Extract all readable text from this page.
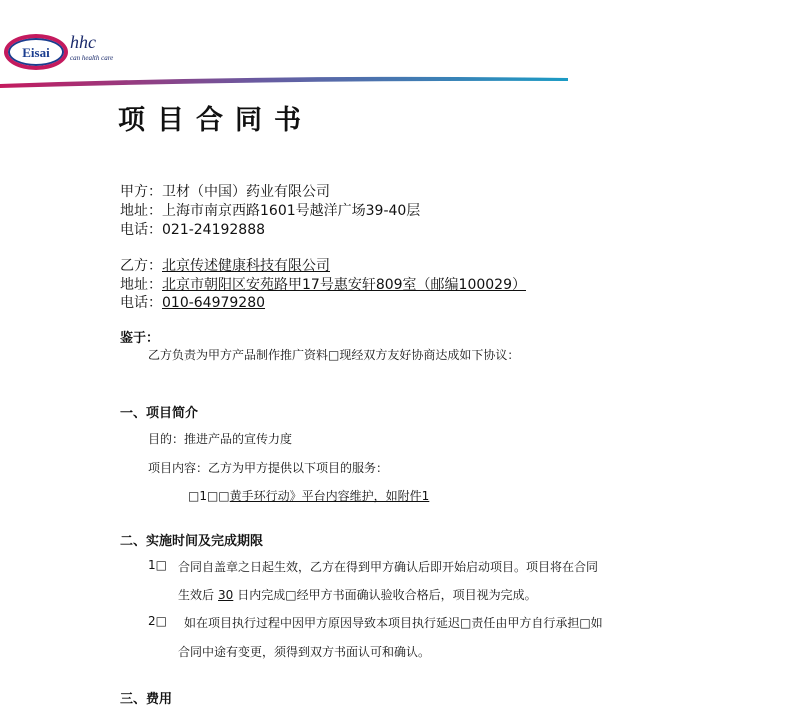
Eisai
hhc
can health care
项目合同书
甲方：卫材（中国）药业有限公司
地址：上海市南京西路1601号越洋广场39-40层
电话：021-24192888
乙方：北京传述健康科技有限公司
地址：北京市朝阳区安苑路甲17号惠安轩809室（邮编100029）
电话：010-64979280
鉴于：
乙方负责为甲方产品制作推广资料□现经双方友好协商达成如下协议：
一、项目简介
目的：推进产品的宣传力度
项目内容：乙方为甲方提供以下项目的服务：
□1□□黄手环行动》平台内容维护，如附件1
二、实施时间及完成期限
1□ 合同自盖章之日起生效，乙方在得到甲方确认后即开始启动项目。项目将在合同
生效后 30 日内完成□经甲方书面确认验收合格后，项目视为完成。
2□ 如在项目执行过程中因甲方原因导致本项目执行延迟□责任由甲方自行承担□如
合同中途有变更，须得到双方书面认可和确认。
三、费用
